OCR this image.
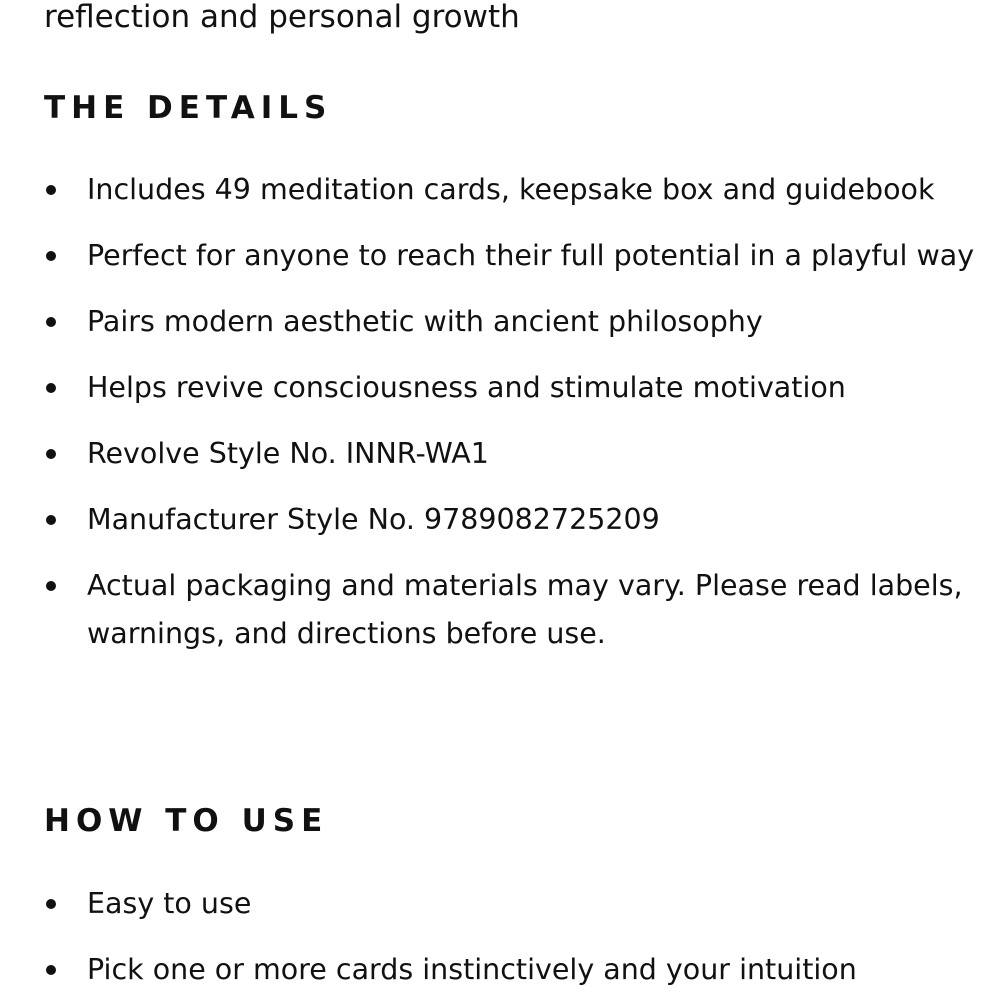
reflection and personal growth
THE DETAILS
Includes 49 meditation cards, keepsake box and guidebook
Perfect for anyone to reach their full potential in a playful way
Pairs modern aesthetic with ancient philosophy
Helps revive consciousness and stimulate motivation
Revolve Style No. INNR-WA1
Manufacturer Style No. 9789082725209
Actual packaging and materials may vary. Please read labels, warnings, and directions before use.
HOW TO USE
Easy to use
Pick one or more cards instinctively and your intuition
